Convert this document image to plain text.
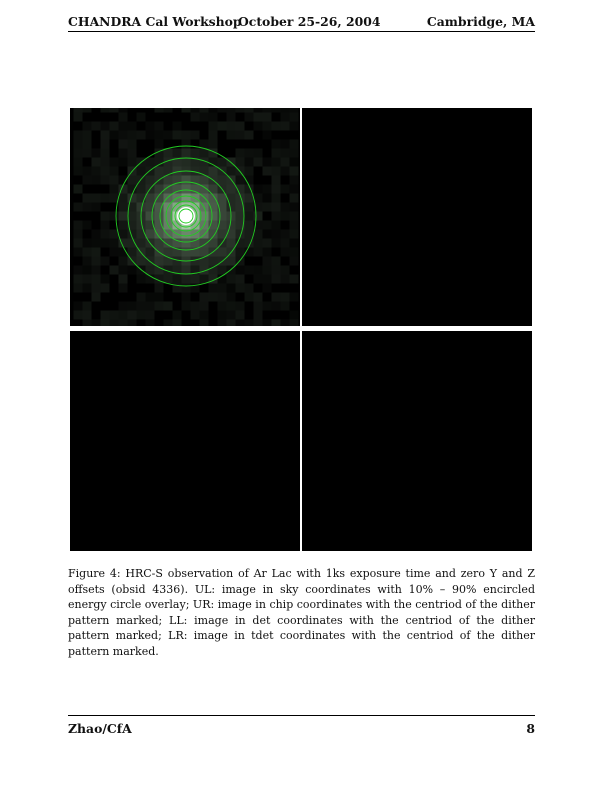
CHANDRA Cal Workshop
October 25-26, 2004	Cambridge, MA
Figure 4: HRC-S observation of Ar Lac with 1ks exposure time and zero Y and Z offsets (obsid 4336). UL: image in sky coordinates with 10% – 90% encircled energy circle overlay; UR: image in chip coordinates with the centriod of the dither pattern marked; LL: image in det coordinates with the centriod of the dither pattern marked; LR: image in tdet coordinates with the centriod of the dither pattern marked.
Zhao/CfA	8
